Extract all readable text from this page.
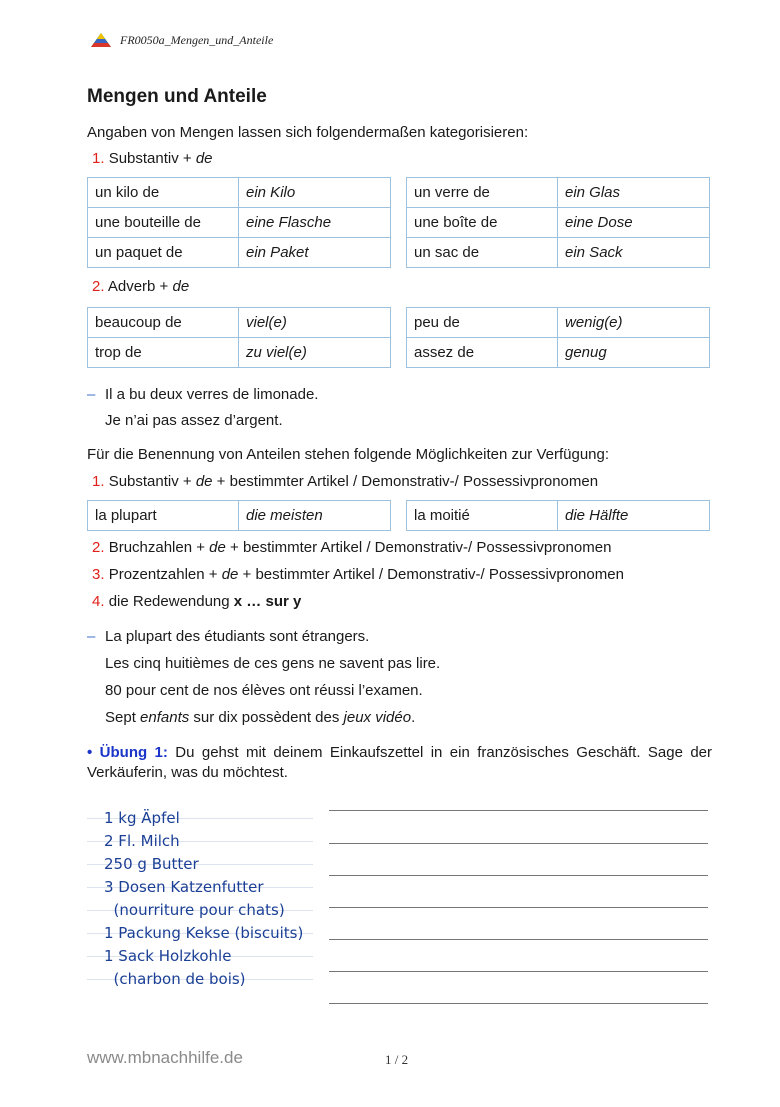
FR0050a_Mengen_und_Anteile
Mengen und Anteile

Angaben von Mengen lassen sich folgendermaßen kategorisieren:

1. Substantiv + de

un kilo de	ein Kilo
une bouteille de	eine Flasche
un paquet de	ein Paket
un verre de	ein Glas
une boîte de	eine Dose
un sac de	ein Sack

2. Adverb + de

beaucoup de	viel(e)
trop de	zu viel(e)
peu de	wenig(e)
assez de	genug
– Il a bu deux verres de limonade.

Je n’ai pas assez d’argent.

Für die Benennung von Anteilen stehen folgende Möglichkeiten zur Verfügung:

1. Substantiv + de + bestimmter Artikel / Demonstrativ-/ Possessivpronomen

la plupart	die meisten	la moitié	die Hälfte

2. Bruchzahlen + de + bestimmter Artikel / Demonstrativ-/ Possessivpronomen

3. Prozentzahlen + de + bestimmter Artikel / Demonstrativ-/ Possessivpronomen

4. die Redewendung x … sur y

– La plupart des étudiants sont étrangers.

Les cinq huitièmes de ces gens ne savent pas lire.

80 pour cent de nos élèves ont réussi l’examen.

Sept enfants sur dix possèdent des jeux vidéo.

• Übung 1: Du gehst mit deinem Einkaufszettel in ein französisches Geschäft. Sage der Verkäuferin, was du möchtest.

1 kg Äpfel
2 Fl. Milch
250 g Butter
3 Dosen Katzenfutter
(nourriture pour chats)
1 Packung Kekse (biscuits)
1 Sack Holzkohle
(charbon de bois)
www.mbnachhilfe.de	1 / 2
